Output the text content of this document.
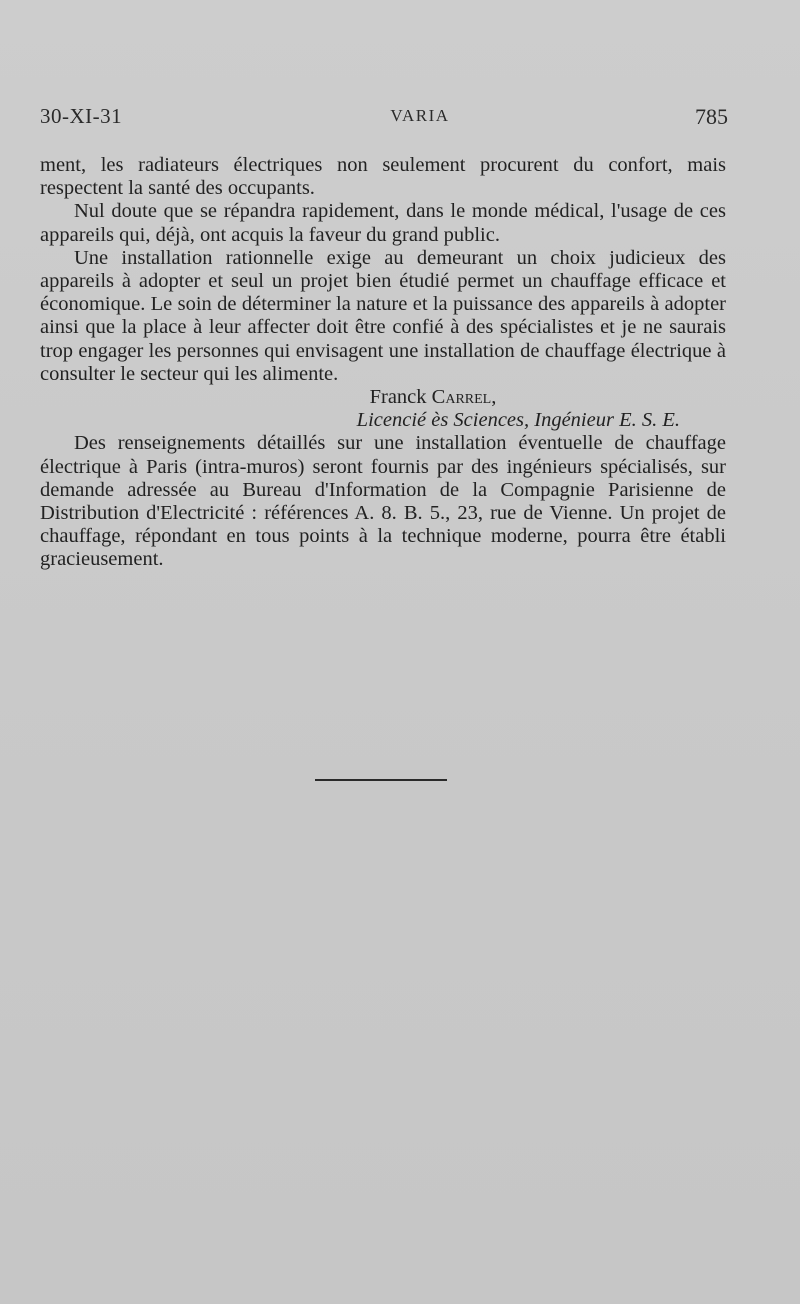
30-XI-31	VARIA	785

ment, les radiateurs électriques non seulement procurent du confort, mais respectent la santé des occupants.

Nul doute que se répandra rapidement, dans le monde médical, l'usage de ces appareils qui, déjà, ont acquis la faveur du grand public.

Une installation rationnelle exige au demeurant un choix judicieux des appareils à adopter et seul un projet bien étudié permet un chauffage efficace et économique. Le soin de déterminer la nature et la puissance des appareils à adopter ainsi que la place à leur affecter doit être confié à des spécialistes et je ne saurais trop engager les personnes qui envisagent une installation de chauffage électrique à consulter le secteur qui les alimente.

Franck Carrel,
Licencié ès Sciences, Ingénieur E. S. E.

Des renseignements détaillés sur une installation éventuelle de chauffage électrique à Paris (intra-muros) seront fournis par des ingénieurs spécialisés, sur demande adressée au Bureau d'Information de la Compagnie Parisienne de Distribution d'Electricité : références A. 8. B. 5., 23, rue de Vienne. Un projet de chauffage, répondant en tous points à la technique moderne, pourra être établi gracieusement.
